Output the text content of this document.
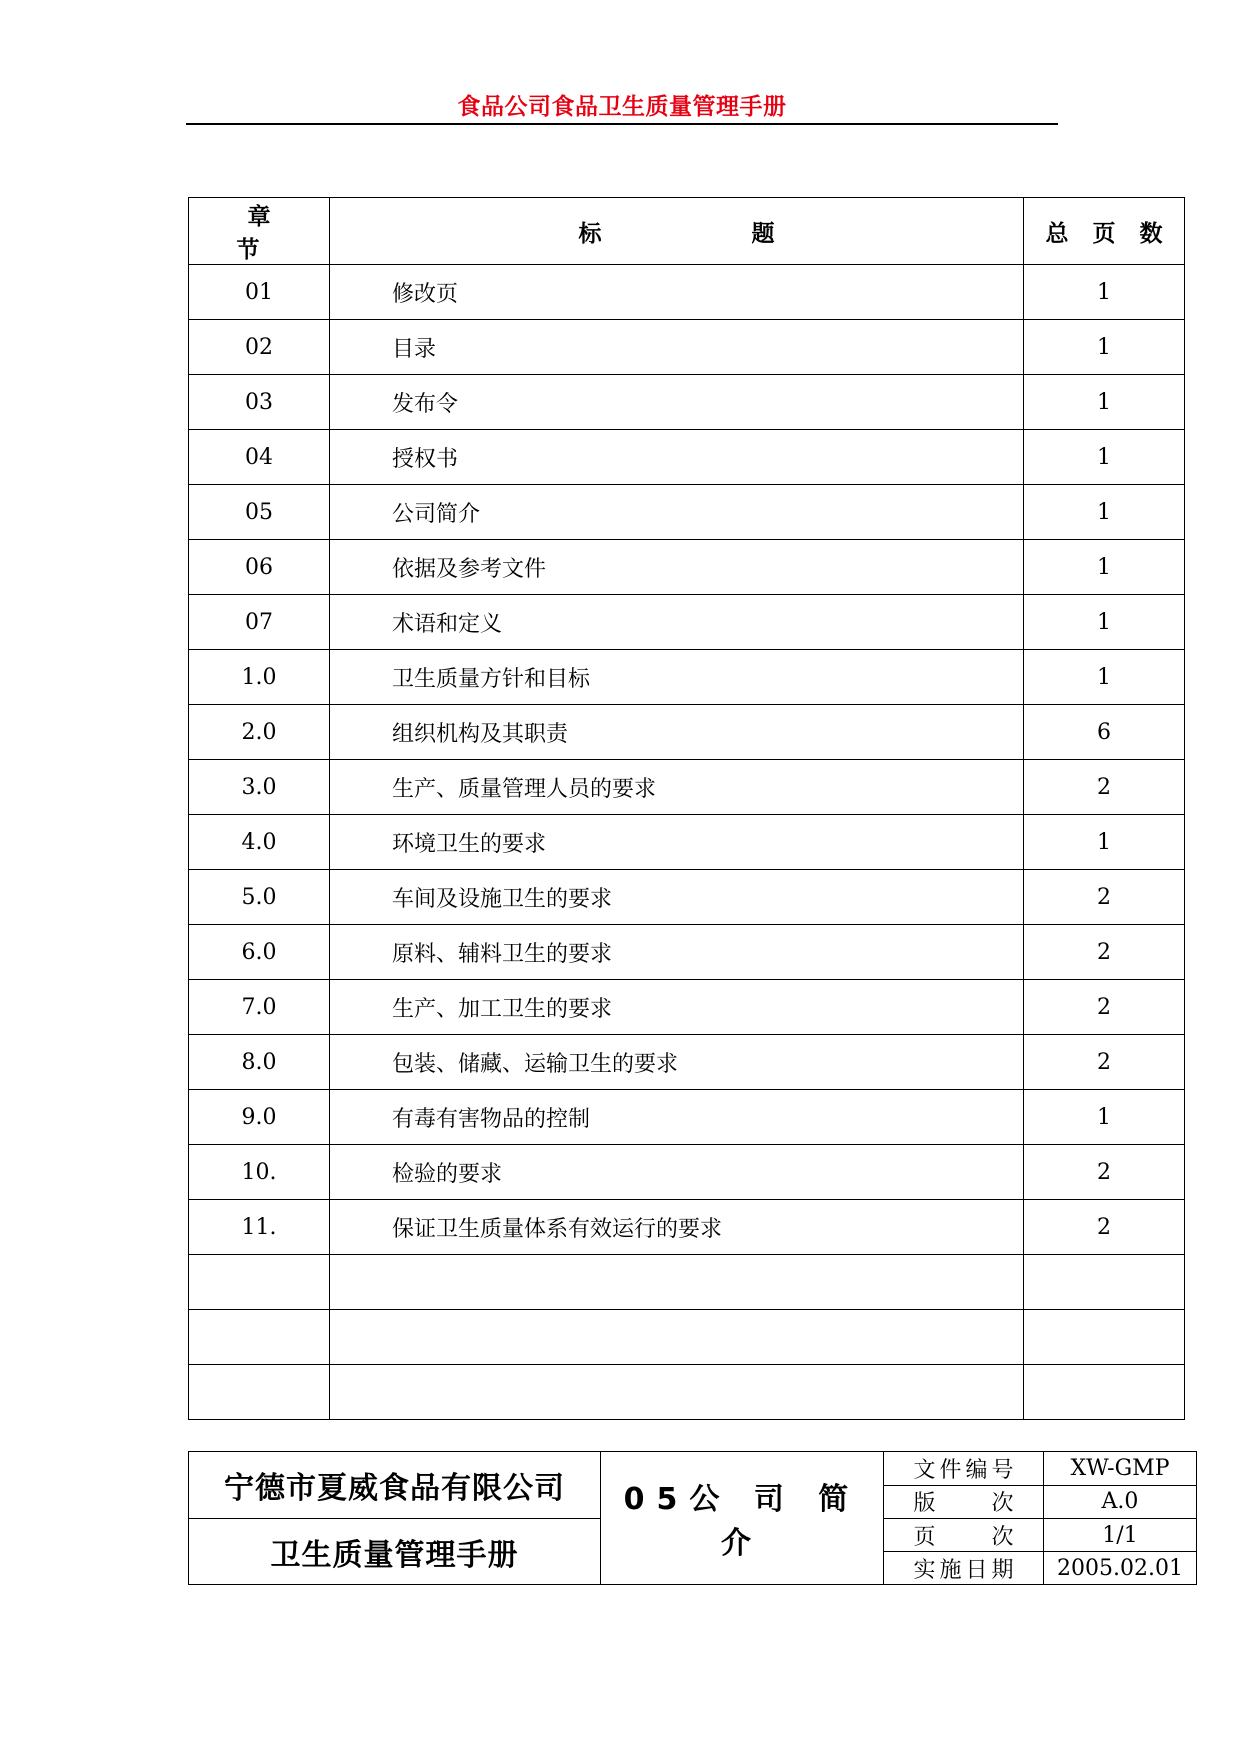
食品公司食品卫生质量管理手册
章 节	标 题	总 页 数
01	修改页	1
02	目录	1
03	发布令	1
04	授权书	1
05	公司简介	1
06	依据及参考文件	1
07	术语和定义	1
1.0	卫生质量方针和目标	1
2.0	组织机构及其职责	6
3.0	生产、质量管理人员的要求	2
4.0	环境卫生的要求	1
5.0	车间及设施卫生的要求	2
6.0	原料、辅料卫生的要求	2
7.0	生产、加工卫生的要求	2
8.0	包装、储藏、运输卫生的要求	2
9.0	有毒有害物品的控制	1
10.	检验的要求	2
11.	保证卫生质量体系有效运行的要求	2

宁德市夏威食品有限公司	05公 司 简 介	文件编号	XW-GMP
		版次	A.0
卫生质量管理手册		页次	1/1
		实施日期	2005.02.01
